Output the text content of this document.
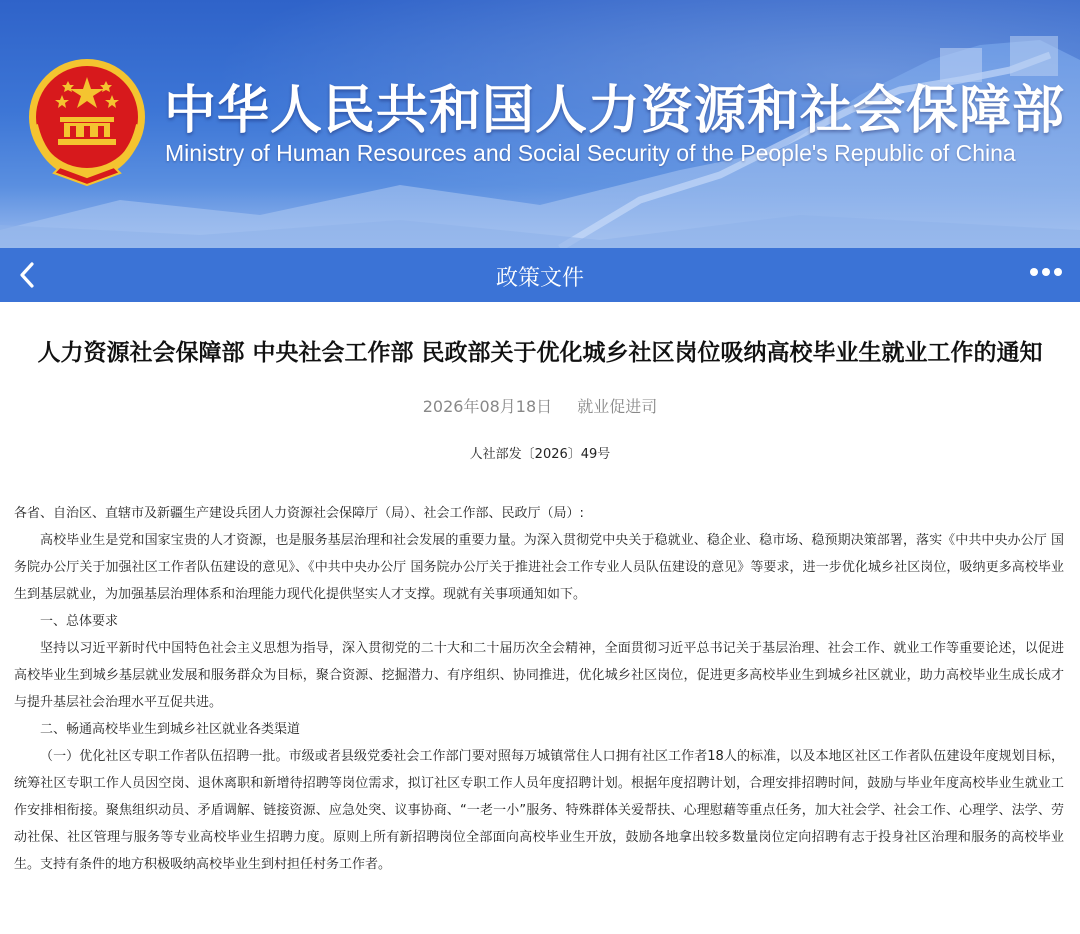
中华人民共和国人力资源和社会保障部
Ministry of Human Resources and Social Security of the People's Republic of China
政策文件
人力资源社会保障部 中央社会工作部 民政部关于优化城乡社区岗位吸纳高校毕业生就业工作的通知
2026年08月18日 就业促进司
人社部发〔2026〕49号

各省、自治区、直辖市及新疆生产建设兵团人力资源社会保障厅（局）、社会工作部、民政厅（局）:

高校毕业生是党和国家宝贵的人才资源，也是服务基层治理和社会发展的重要力量。为深入贯彻党中央关于稳就业、稳企业、稳市场、稳预期决策部署，落实《中共中央办公厅 国务院办公厅关于加强社区工作者队伍建设的意见》、《中共中央办公厅 国务院办公厅关于推进社会工作专业人员队伍建设的意见》等要求，进一步优化城乡社区岗位，吸纳更多高校毕业生到基层就业，为加强基层治理体系和治理能力现代化提供坚实人才支撑。现就有关事项通知如下。

一、总体要求

坚持以习近平新时代中国特色社会主义思想为指导，深入贯彻党的二十大和二十届历次全会精神，全面贯彻习近平总书记关于基层治理、社会工作、就业工作等重要论述，以促进高校毕业生到城乡基层就业发展和服务群众为目标，聚合资源、挖掘潜力、有序组织、协同推进，优化城乡社区岗位，促进更多高校毕业生到城乡社区就业，助力高校毕业生成长成才与提升基层社会治理水平互促共进。

二、畅通高校毕业生到城乡社区就业各类渠道

（一）优化社区专职工作者队伍招聘一批。市级或者县级党委社会工作部门要对照每万城镇常住人口拥有社区工作者18人的标准，以及本地区社区工作者队伍建设年度规划目标，统筹社区专职工作人员因空岗、退休离职和新增待招聘等岗位需求，拟订社区专职工作人员年度招聘计划。根据年度招聘计划，合理安排招聘时间，鼓励与毕业年度高校毕业生就业工作安排相衔接。聚焦组织动员、矛盾调解、链接资源、应急处突、议事协商、“一老一小”服务、特殊群体关爱帮扶、心理慰藉等重点任务，加大社会学、社会工作、心理学、法学、劳动社保、社区管理与服务等专业高校毕业生招聘力度。原则上所有新招聘岗位全部面向高校毕业生开放，鼓励各地拿出较多数量岗位定向招聘有志于投身社区治理和服务的高校毕业生。支持有条件的地方积极吸纳高校毕业生到村担任村务工作者。
